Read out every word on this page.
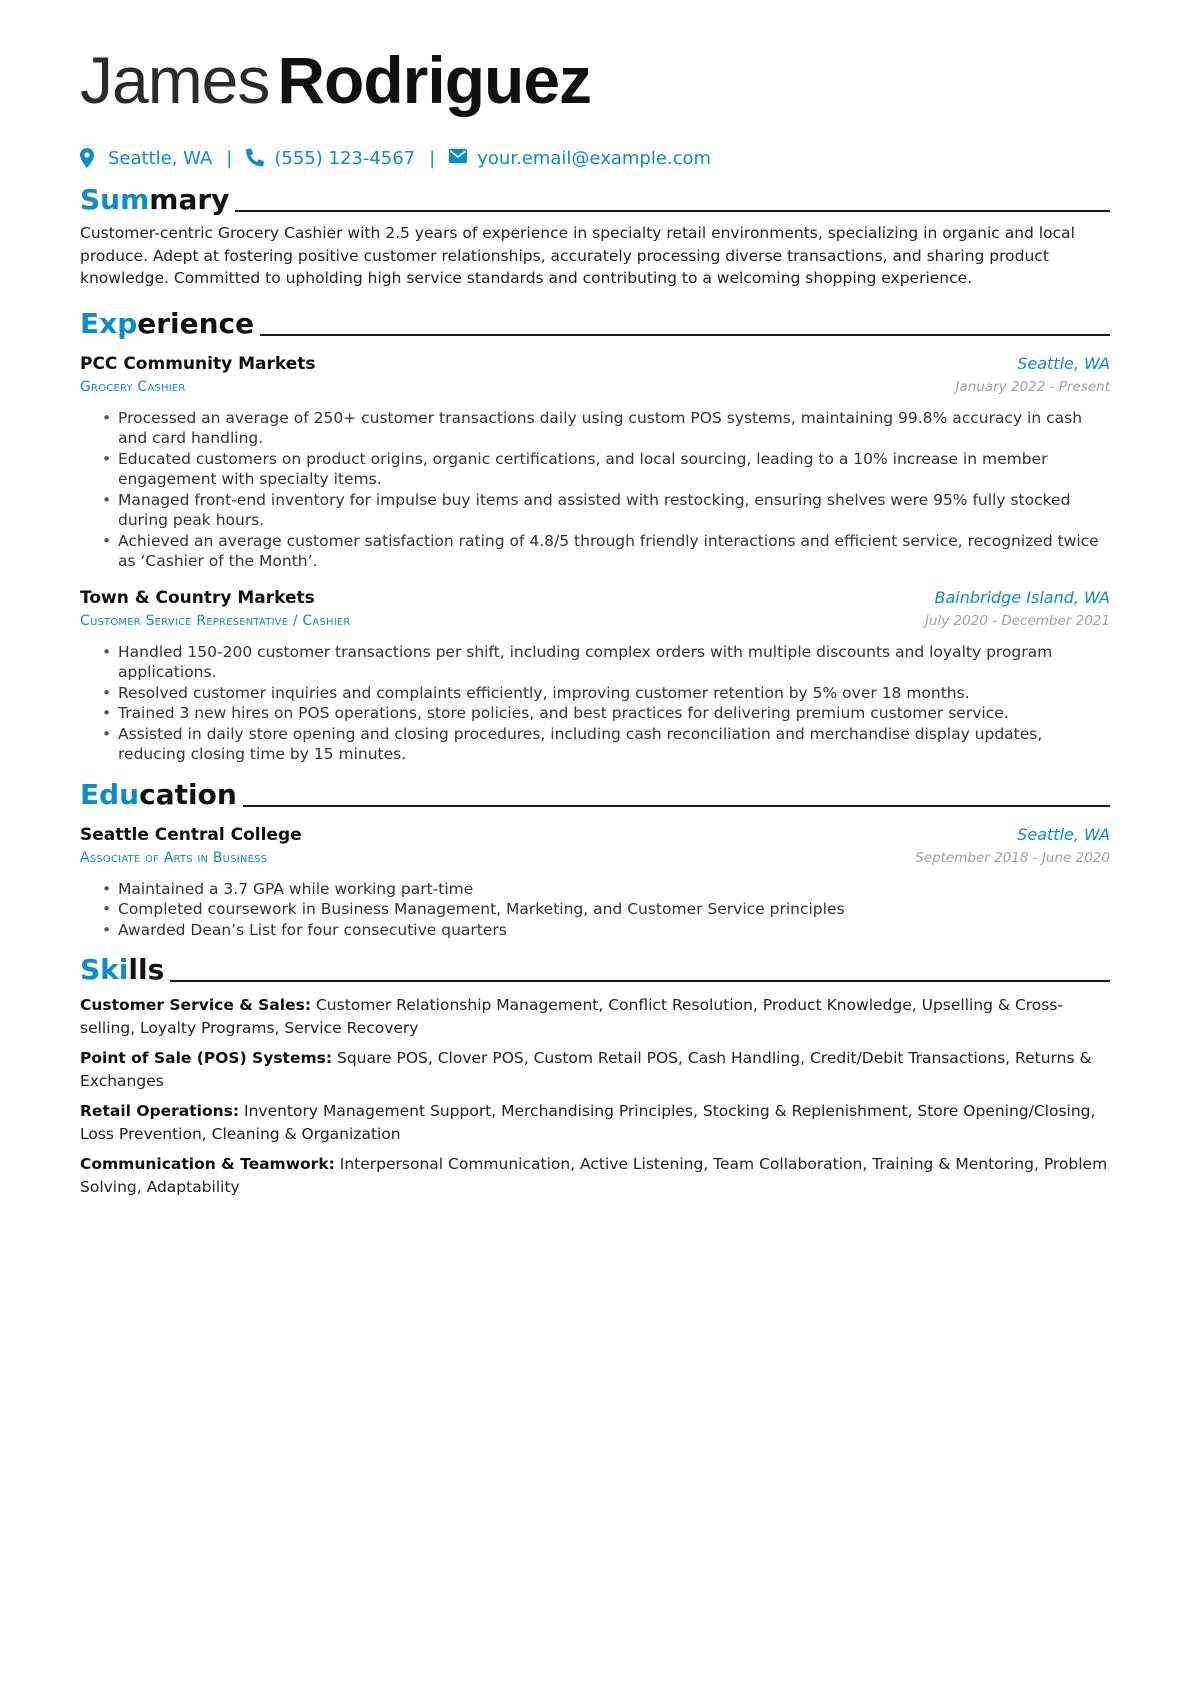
James Rodriguez
Seattle, WA | (555) 123-4567 | your.email@example.com
Summary
Customer-centric Grocery Cashier with 2.5 years of experience in specialty retail environments, specializing in organic and local produce. Adept at fostering positive customer relationships, accurately processing diverse transactions, and sharing product knowledge. Committed to upholding high service standards and contributing to a welcoming shopping experience.
Experience
PCC Community Markets	Seattle, WA
Grocery Cashier	January 2022 - Present
• Processed an average of 250+ customer transactions daily using custom POS systems, maintaining 99.8% accuracy in cash and card handling.
• Educated customers on product origins, organic certifications, and local sourcing, leading to a 10% increase in member engagement with specialty items.
• Managed front-end inventory for impulse buy items and assisted with restocking, ensuring shelves were 95% fully stocked during peak hours.
• Achieved an average customer satisfaction rating of 4.8/5 through friendly interactions and efficient service, recognized twice as ‘Cashier of the Month’.
Town & Country Markets	Bainbridge Island, WA
Customer Service Representative / Cashier	July 2020 - December 2021
• Handled 150-200 customer transactions per shift, including complex orders with multiple discounts and loyalty program applications.
• Resolved customer inquiries and complaints efficiently, improving customer retention by 5% over 18 months.
• Trained 3 new hires on POS operations, store policies, and best practices for delivering premium customer service.
• Assisted in daily store opening and closing procedures, including cash reconciliation and merchandise display updates, reducing closing time by 15 minutes.
Education
Seattle Central College	Seattle, WA
Associate of Arts in Business	September 2018 - June 2020
• Maintained a 3.7 GPA while working part-time
• Completed coursework in Business Management, Marketing, and Customer Service principles
• Awarded Dean’s List for four consecutive quarters
Skills
Customer Service & Sales: Customer Relationship Management, Conflict Resolution, Product Knowledge, Upselling & Cross-selling, Loyalty Programs, Service Recovery
Point of Sale (POS) Systems: Square POS, Clover POS, Custom Retail POS, Cash Handling, Credit/Debit Transactions, Returns & Exchanges
Retail Operations: Inventory Management Support, Merchandising Principles, Stocking & Replenishment, Store Opening/Closing, Loss Prevention, Cleaning & Organization
Communication & Teamwork: Interpersonal Communication, Active Listening, Team Collaboration, Training & Mentoring, Problem Solving, Adaptability
